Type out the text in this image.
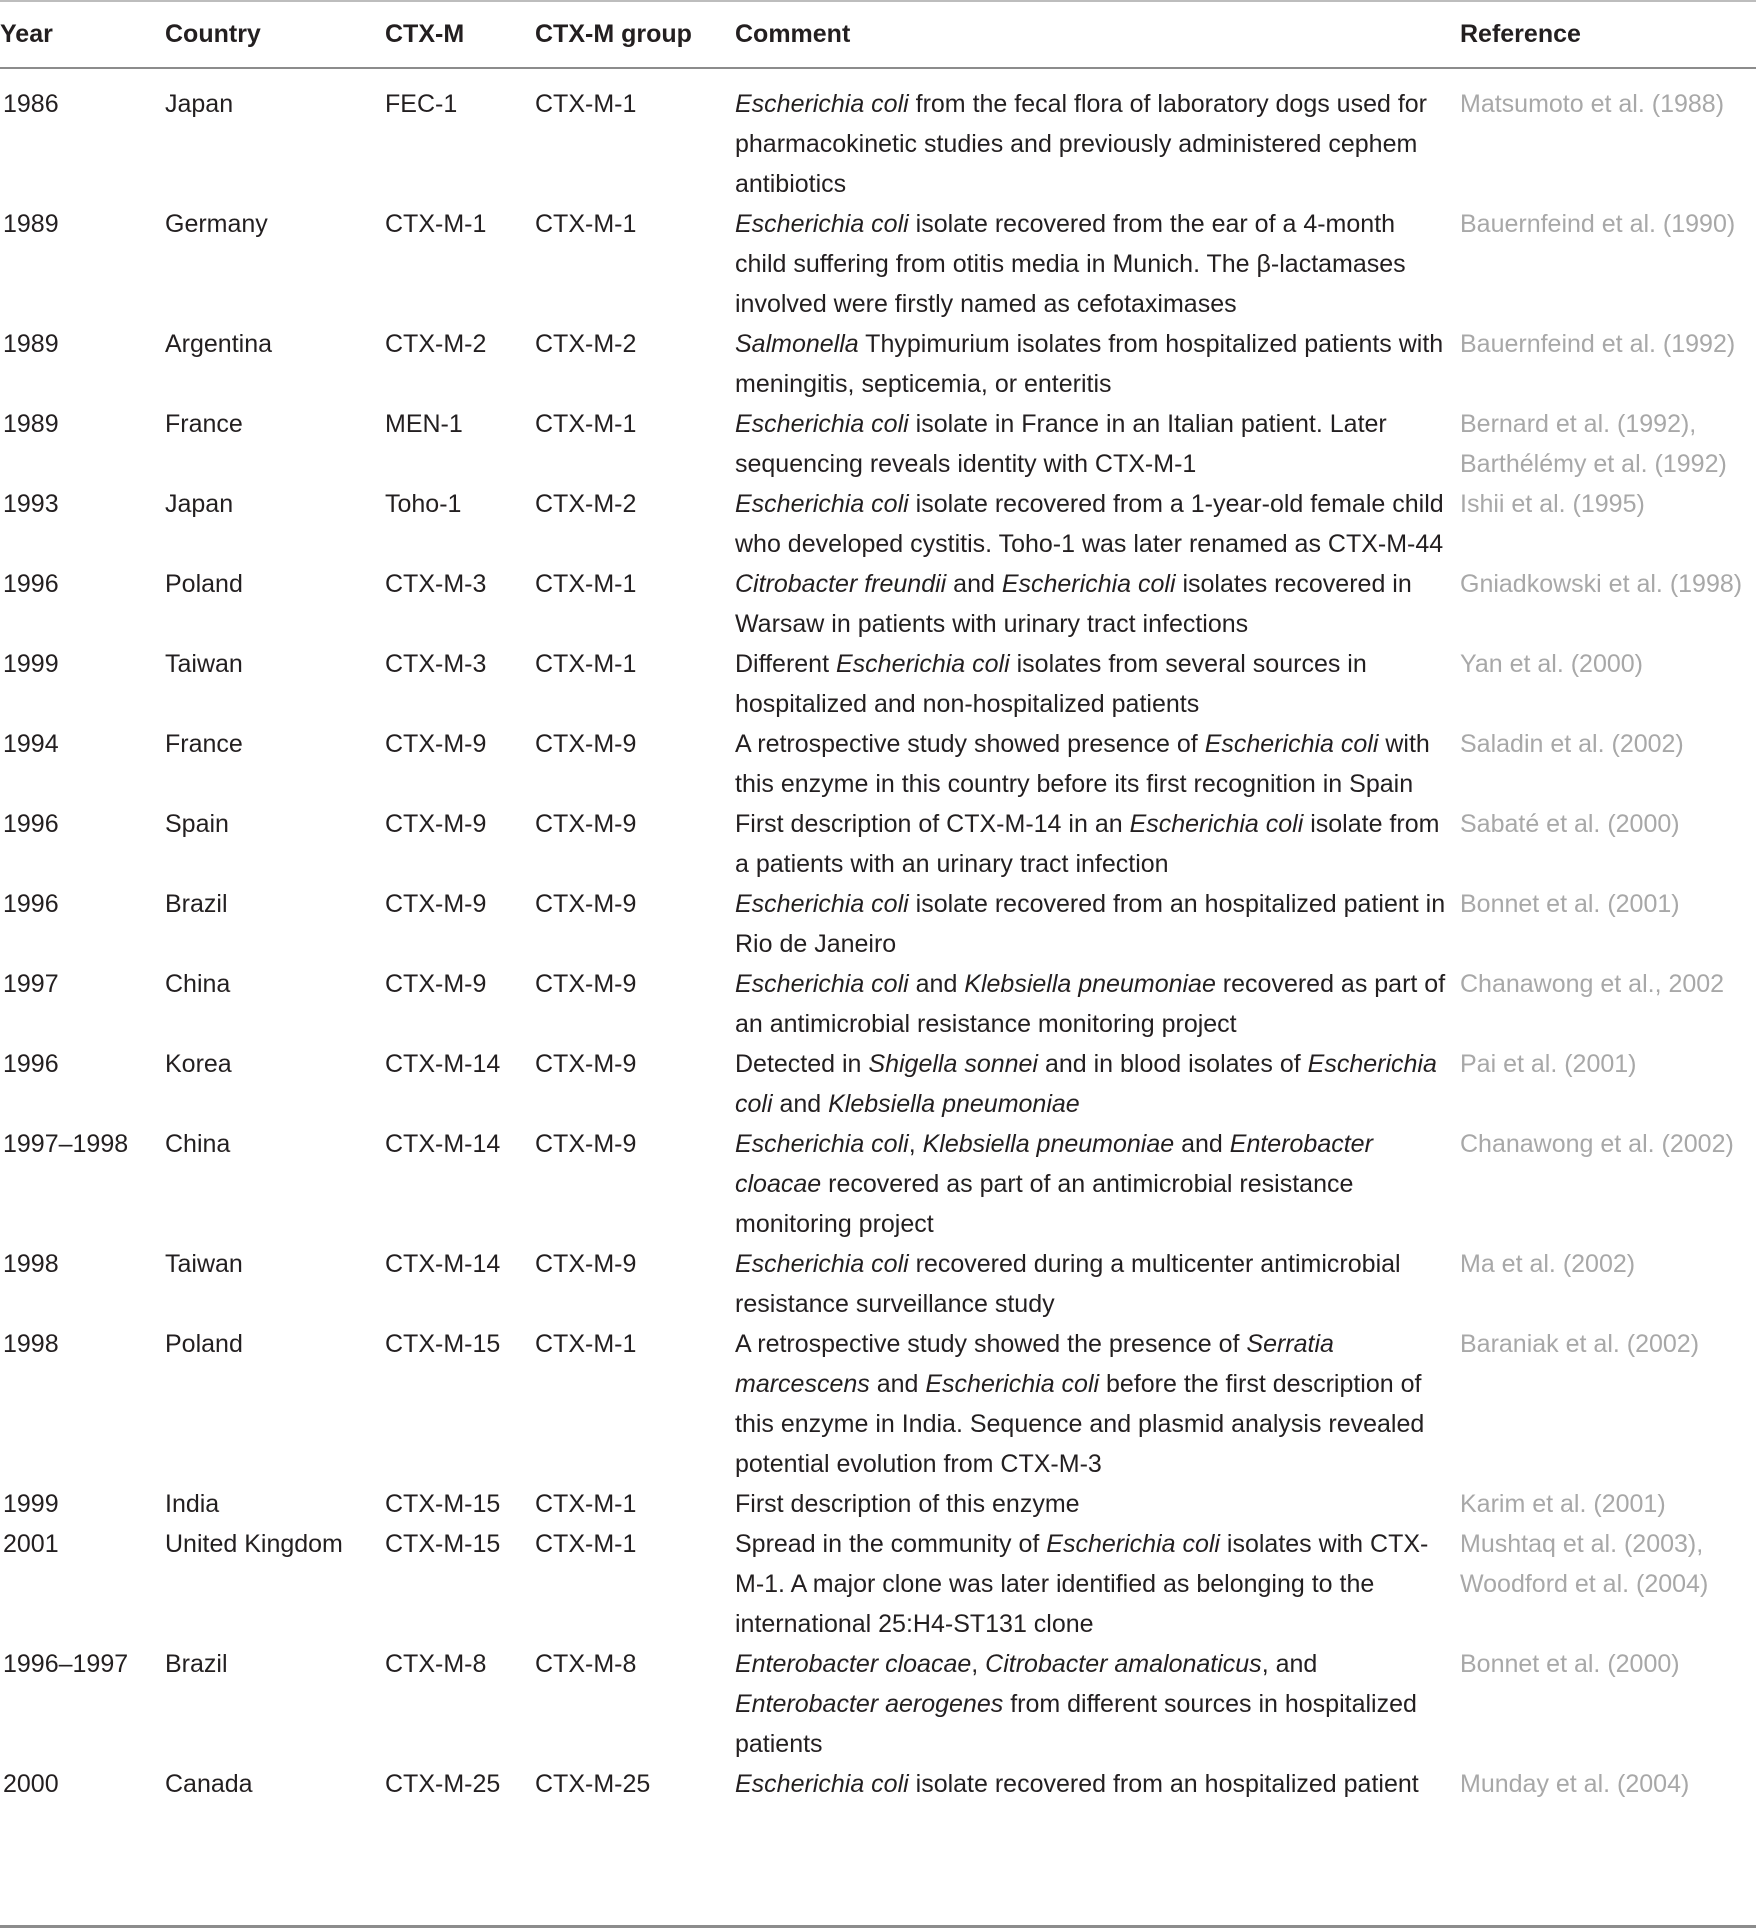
Year	Country	CTX-M	CTX-M group	Comment	Reference
1986	Japan	FEC-1	CTX-M-1	Escherichia coli from the fecal flora of laboratory dogs used for pharmacokinetic studies and previously administered cephem antibiotics	Matsumoto et al. (1988)
1989	Germany	CTX-M-1	CTX-M-1	Escherichia coli isolate recovered from the ear of a 4-month child suffering from otitis media in Munich. The β-lactamases involved were firstly named as cefotaximases	Bauernfeind et al. (1990)
1989	Argentina	CTX-M-2	CTX-M-2	Salmonella Thypimurium isolates from hospitalized patients with meningitis, septicemia, or enteritis	Bauernfeind et al. (1992)
1989	France	MEN-1	CTX-M-1	Escherichia coli isolate in France in an Italian patient. Later sequencing reveals identity with CTX-M-1	Bernard et al. (1992), Barthélémy et al. (1992)
1993	Japan	Toho-1	CTX-M-2	Escherichia coli isolate recovered from a 1-year-old female child who developed cystitis. Toho-1 was later renamed as CTX-M-44	Ishii et al. (1995)
1996	Poland	CTX-M-3	CTX-M-1	Citrobacter freundii and Escherichia coli isolates recovered in Warsaw in patients with urinary tract infections	Gniadkowski et al. (1998)
1999	Taiwan	CTX-M-3	CTX-M-1	Different Escherichia coli isolates from several sources in hospitalized and non-hospitalized patients	Yan et al. (2000)
1994	France	CTX-M-9	CTX-M-9	A retrospective study showed presence of Escherichia coli with this enzyme in this country before its first recognition in Spain	Saladin et al. (2002)
1996	Spain	CTX-M-9	CTX-M-9	First description of CTX-M-14 in an Escherichia coli isolate from a patients with an urinary tract infection	Sabaté et al. (2000)
1996	Brazil	CTX-M-9	CTX-M-9	Escherichia coli isolate recovered from an hospitalized patient in Rio de Janeiro	Bonnet et al. (2001)
1997	China	CTX-M-9	CTX-M-9	Escherichia coli and Klebsiella pneumoniae recovered as part of an antimicrobial resistance monitoring project	Chanawong et al., 2002
1996	Korea	CTX-M-14	CTX-M-9	Detected in Shigella sonnei and in blood isolates of Escherichia coli and Klebsiella pneumoniae	Pai et al. (2001)
1997–1998	China	CTX-M-14	CTX-M-9	Escherichia coli, Klebsiella pneumoniae and Enterobacter cloacae recovered as part of an antimicrobial resistance monitoring project	Chanawong et al. (2002)
1998	Taiwan	CTX-M-14	CTX-M-9	Escherichia coli recovered during a multicenter antimicrobial resistance surveillance study	Ma et al. (2002)
1998	Poland	CTX-M-15	CTX-M-1	A retrospective study showed the presence of Serratia marcescens and Escherichia coli before the first description of this enzyme in India. Sequence and plasmid analysis revealed potential evolution from CTX-M-3	Baraniak et al. (2002)
1999	India	CTX-M-15	CTX-M-1	First description of this enzyme	Karim et al. (2001)
2001	United Kingdom	CTX-M-15	CTX-M-1	Spread in the community of Escherichia coli isolates with CTX-M-1. A major clone was later identified as belonging to the international 25:H4-ST131 clone	Mushtaq et al. (2003), Woodford et al. (2004)
1996–1997	Brazil	CTX-M-8	CTX-M-8	Enterobacter cloacae, Citrobacter amalonaticus, and Enterobacter aerogenes from different sources in hospitalized patients	Bonnet et al. (2000)
2000	Canada	CTX-M-25	CTX-M-25	Escherichia coli isolate recovered from an hospitalized patient	Munday et al. (2004)
